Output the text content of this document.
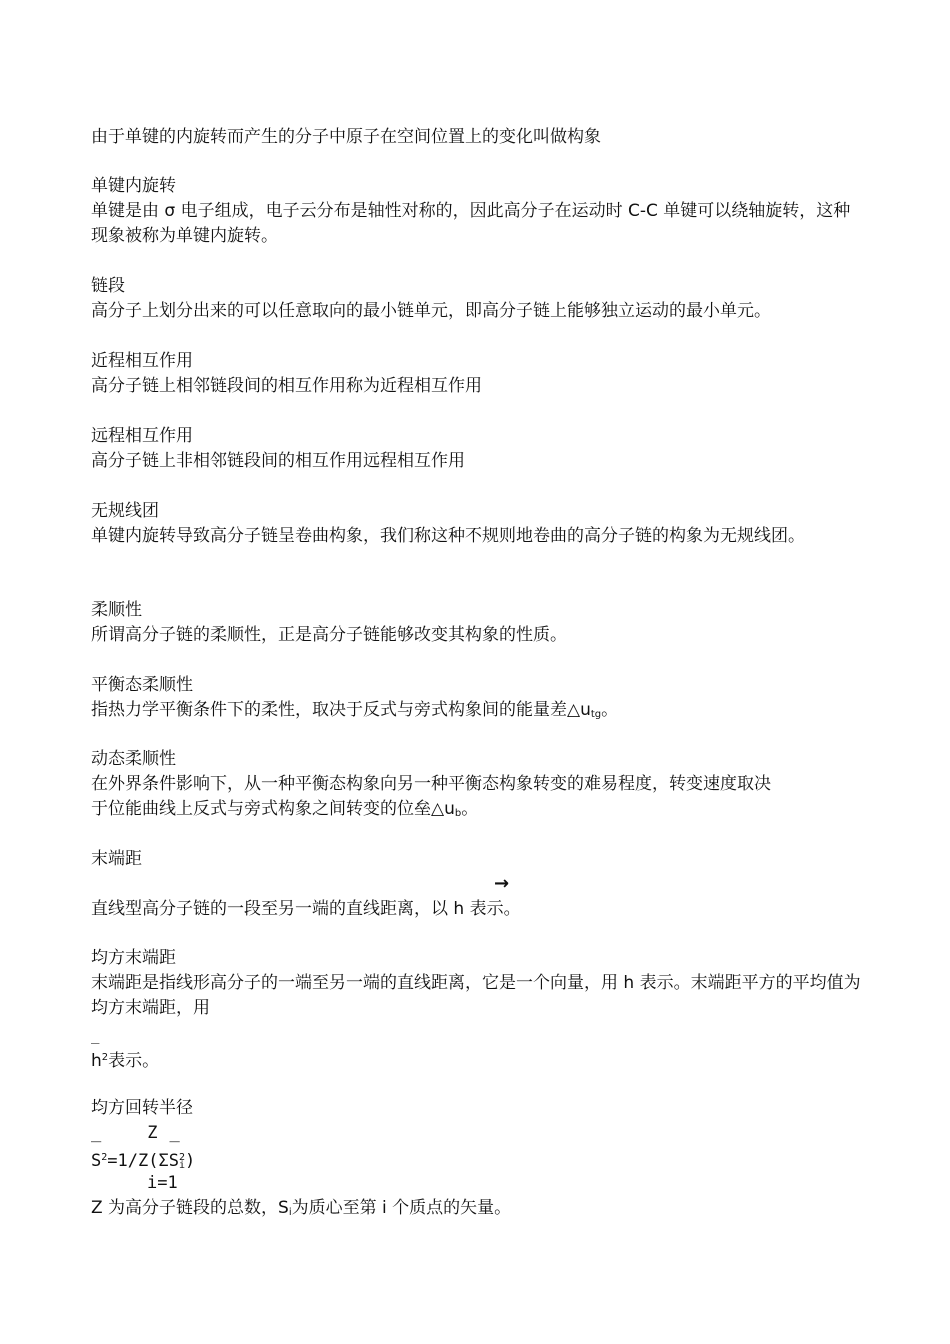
由于单键的内旋转而产生的分子中原子在空间位置上的变化叫做构象
单键内旋转
单键是由 σ 电子组成，电子云分布是轴性对称的，因此高分子在运动时 C-C 单键可以绕轴旋转，这种现象被称为单键内旋转。
链段
高分子上划分出来的可以任意取向的最小链单元，即高分子链上能够独立运动的最小单元。
近程相互作用
高分子链上相邻链段间的相互作用称为近程相互作用
远程相互作用
高分子链上非相邻链段间的相互作用远程相互作用
无规线团
单键内旋转导致高分子链呈卷曲构象，我们称这种不规则地卷曲的高分子链的构象为无规线团。
柔顺性
所谓高分子链的柔顺性，正是高分子链能够改变其构象的性质。
平衡态柔顺性
指热力学平衡条件下的柔性，取决于反式与旁式构象间的能量差$\triangle u_{tg}$。
动态柔顺性
在外界条件影响下，从一种平衡态构象向另一种平衡态构象转变的难易程度，转变速度取决
于位能曲线上反式与旁式构象之间转变的位垒$\triangle u_b$。
末端距
→
直线型高分子链的一段至另一端的直线距离，以 h 表示。
均方末端距
末端距是指线形高分子的一端至另一端的直线距离，它是一个向量，用 h 表示。末端距平方的平均值为均方末端距，用
_
$h^2$表示。
均方回转半径
_	Z _
$S^2=1/Z(\Sigma S^2_i)$
i=1
Z 为高分子链段的总数，$S_i$为质心至第 i 个质点的矢量。
